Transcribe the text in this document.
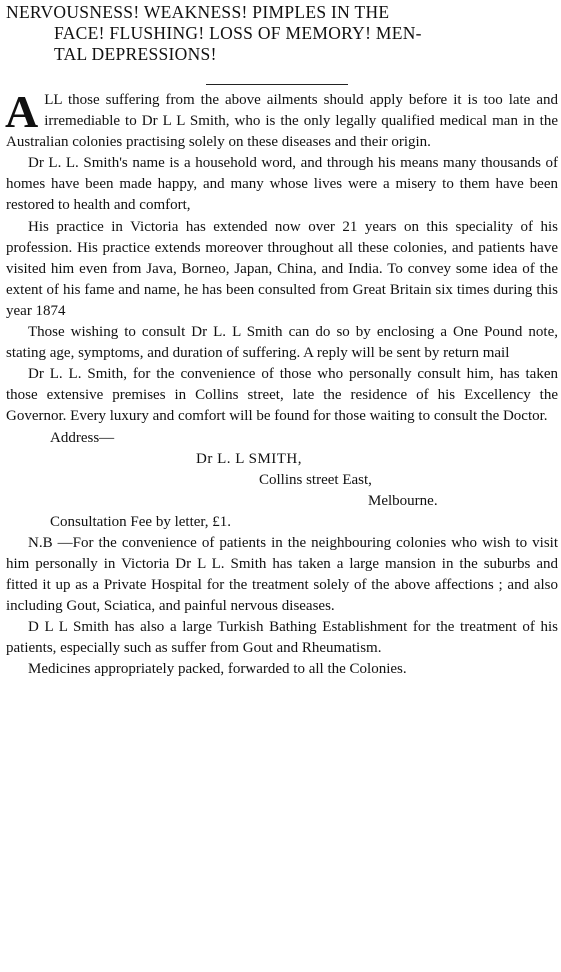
NERVOUSNESS! WEAKNESS! PIMPLES IN THE
FACE! FLUSHING! LOSS OF MEMORY! MEN-
TAL DEPRESSIONS!

ALL those suffering from the above ailments should apply before it is too late and irremediable to Dr L L Smith, who is the only legally qualified medical man in the Australian colonies practising solely on these diseases and their origin.

Dr L. L. Smith's name is a household word, and through his means many thousands of homes have been made happy, and many whose lives were a misery to them have been restored to health and comfort,

His practice in Victoria has extended now over 21 years on this speciality of his profession. His practice extends moreover throughout all these colonies, and patients have visited him even from Java, Borneo, Japan, China, and India. To convey some idea of the extent of his fame and name, he has been consulted from Great Britain six times during this year 1874

Those wishing to consult Dr L. L Smith can do so by enclosing a One Pound note, stating age, symptoms, and duration of suffering. A reply will be sent by return mail

Dr L. L. Smith, for the convenience of those who personally consult him, has taken those extensive premises in Collins street, late the residence of his Excellency the Governor. Every luxury and comfort will be found for those waiting to consult the Doctor.

Address—

Dr L. L SMITH,
Collins street East,
Melbourne.

Consultation Fee by letter, £1.

N.B —For the convenience of patients in the neighbouring colonies who wish to visit him personally in Victoria Dr L L. Smith has taken a large mansion in the suburbs and fitted it up as a Private Hospital for the treatment solely of the above affections ; and also including Gout, Sciatica, and painful nervous diseases.

D L L Smith has also a large Turkish Bathing Establishment for the treatment of his patients, especially such as suffer from Gout and Rheumatism.

Medicines appropriately packed, forwarded to all the Colonies.
